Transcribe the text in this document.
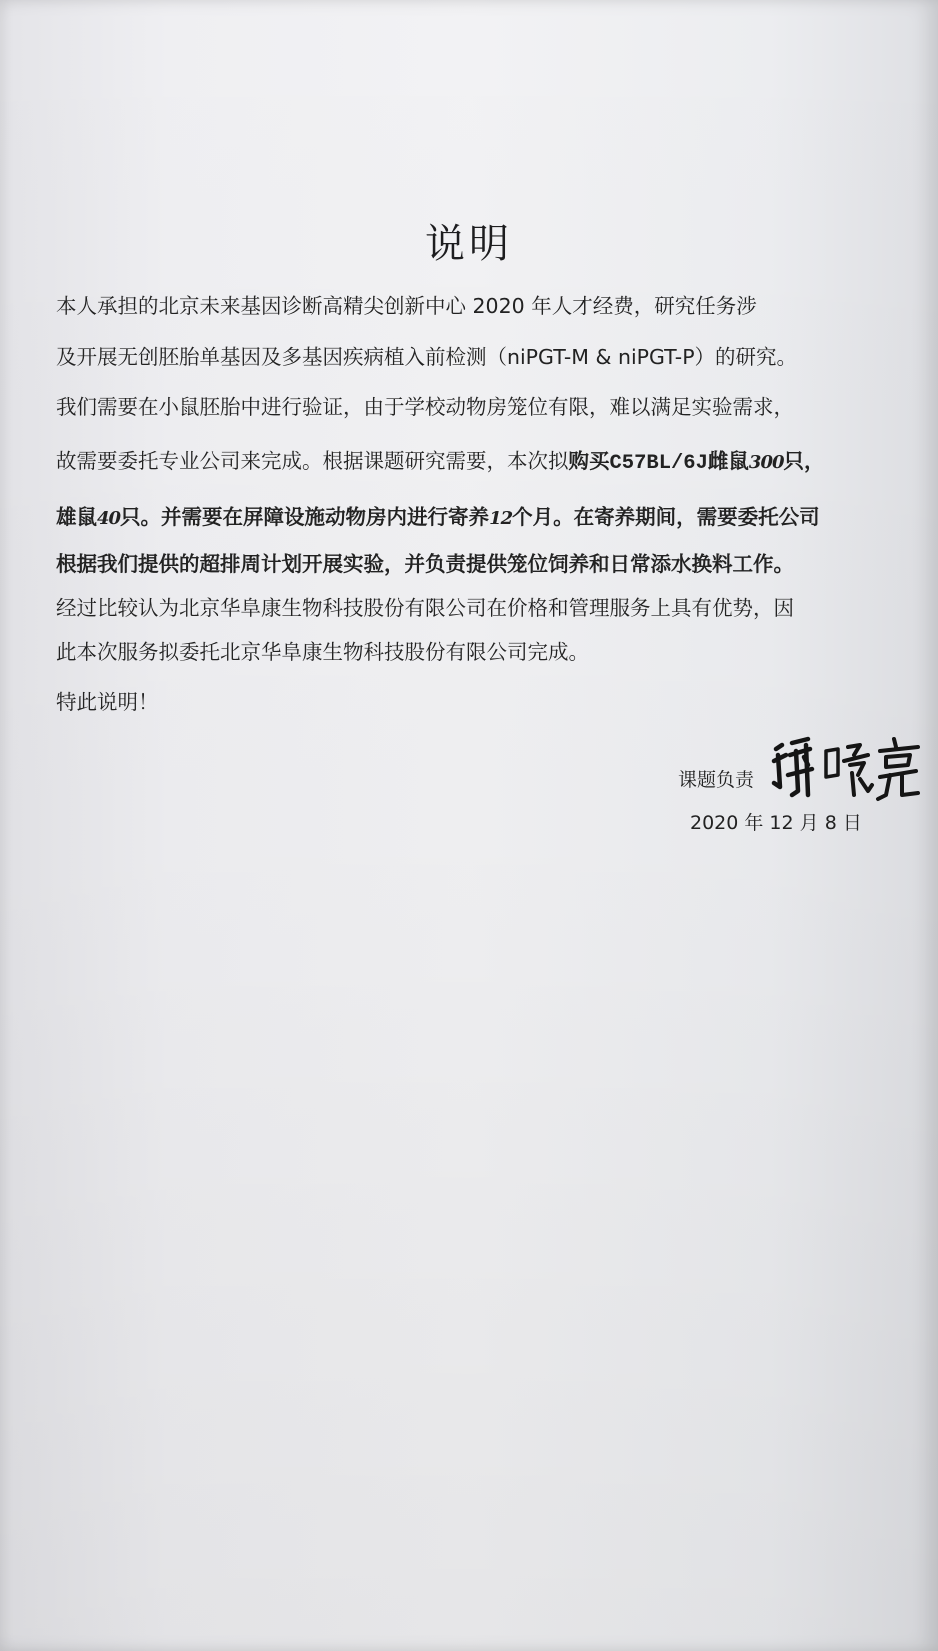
说明
本人承担的北京未来基因诊断高精尖创新中心 2020 年人才经费，研究任务涉
及开展无创胚胎单基因及多基因疾病植入前检测（niPGT-M & niPGT-P）的研究。
我们需要在小鼠胚胎中进行验证，由于学校动物房笼位有限，难以满足实验需求，
故需要委托专业公司来完成。根据课题研究需要，本次拟购买C57BL/6J雌鼠300只，
雄鼠40只。并需要在屏障设施动物房内进行寄养12个月。在寄养期间，需要委托公司
根据我们提供的超排周计划开展实验，并负责提供笼位饲养和日常添水换料工作。
经过比较认为北京华阜康生物科技股份有限公司在价格和管理服务上具有优势，因
此本次服务拟委托北京华阜康生物科技股份有限公司完成。
特此说明！
课题负责
2020 年 12 月 8 日
